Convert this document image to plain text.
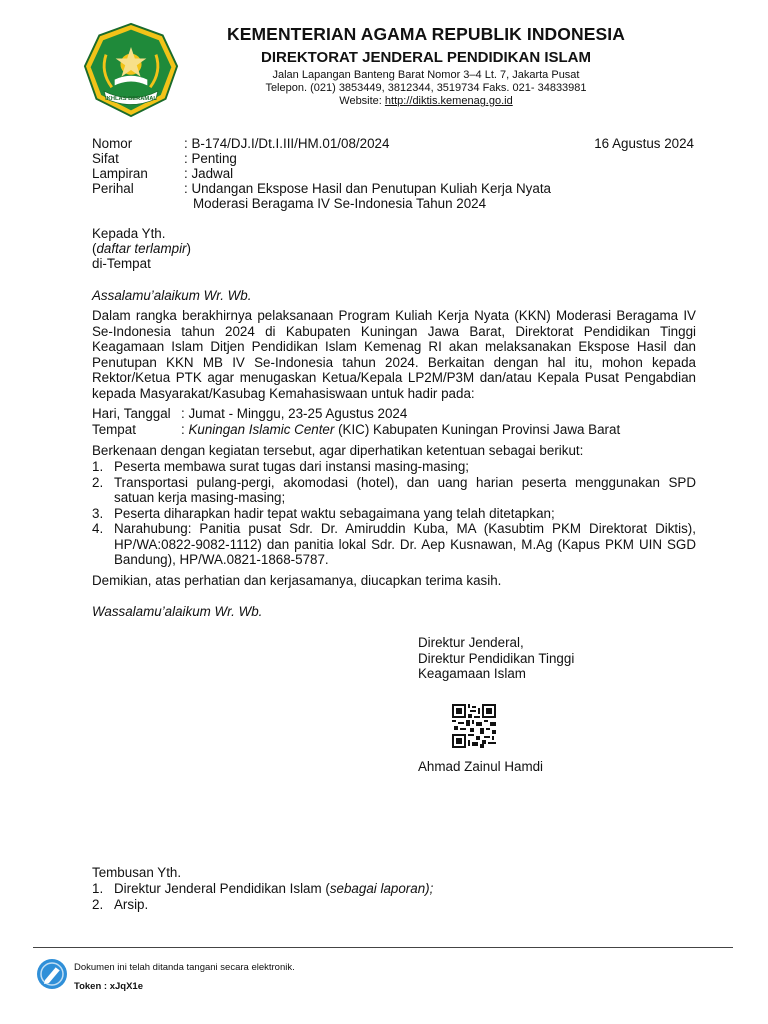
IKHLAS BERAMAL
KEMENTERIAN AGAMA REPUBLIK INDONESIA
DIREKTORAT JENDERAL PENDIDIKAN ISLAM
Jalan Lapangan Banteng Barat Nomor 3–4 Lt. 7, Jakarta Pusat
Telepon. (021) 3853449, 3812344, 3519734 Faks. 021- 34833981
Website: http://diktis.kemenag.go.id
Nomor	: B-174/DJ.I/Dt.I.III/HM.01/08/2024	16 Agustus 2024
Sifat	: Penting
Lampiran	: Jadwal
Perihal	: Undangan Ekspose Hasil dan Penutupan Kuliah Kerja Nyata
Moderasi Beragama IV Se-Indonesia Tahun 2024
Kepada Yth.
(daftar terlampir)
di-Tempat
Assalamu’alaikum Wr. Wb.
Dalam rangka berakhirnya pelaksanaan Program Kuliah Kerja Nyata (KKN) Moderasi Beragama IV Se-Indonesia tahun 2024 di Kabupaten Kuningan Jawa Barat, Direktorat Pendidikan Tinggi Keagamaan Islam Ditjen Pendidikan Islam Kemenag RI akan melaksanakan Ekspose Hasil dan Penutupan KKN MB IV Se-Indonesia tahun 2024. Berkaitan dengan hal itu, mohon kepada Rektor/Ketua PTK agar menugaskan Ketua/Kepala LP2M/P3M dan/atau Kepala Pusat Pengabdian kepada Masyarakat/Kasubag Kemahasiswaan untuk hadir pada:
Hari, Tanggal : Jumat - Minggu, 23-25 Agustus 2024
Tempat	: Kuningan Islamic Center (KIC) Kabupaten Kuningan Provinsi Jawa Barat
Berkenaan dengan kegiatan tersebut, agar diperhatikan ketentuan sebagai berikut:
1. Peserta membawa surat tugas dari instansi masing-masing;
2. Transportasi pulang-pergi, akomodasi (hotel), dan uang harian peserta menggunakan SPD satuan kerja masing-masing;
3. Peserta diharapkan hadir tepat waktu sebagaimana yang telah ditetapkan;
4. Narahubung: Panitia pusat Sdr. Dr. Amiruddin Kuba, MA (Kasubtim PKM Direktorat Diktis), HP/WA:0822-9082-1112) dan panitia lokal Sdr. Dr. Aep Kusnawan, M.Ag (Kapus PKM UIN SGD Bandung), HP/WA.0821-1868-5787.
Demikian, atas perhatian dan kerjasamanya, diucapkan terima kasih.
Wassalamu’alaikum Wr. Wb.
Direktur Jenderal,
Direktur Pendidikan Tinggi
Keagamaan Islam
Ahmad Zainul Hamdi
Tembusan Yth.
1. Direktur Jenderal Pendidikan Islam (sebagai laporan);
2. Arsip.
Dokumen ini telah ditanda tangani secara elektronik.
Token : xJqX1e
